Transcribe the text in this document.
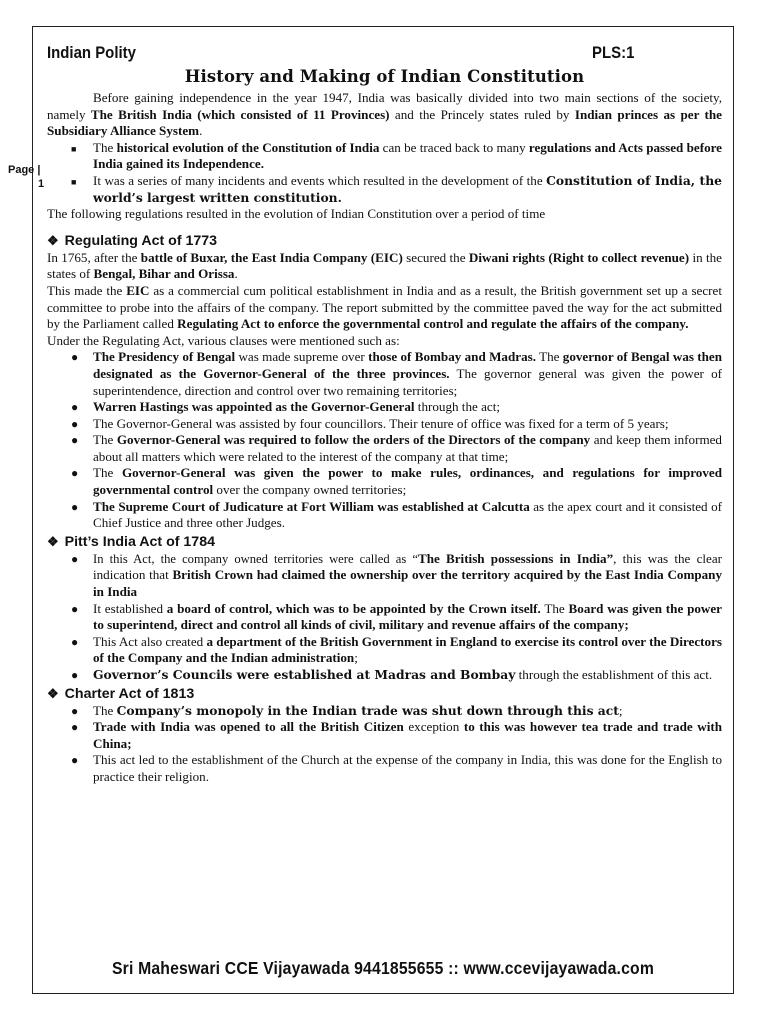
Page |
1
Indian Polity	PLS:1
History and Making of Indian Constitution

Before gaining independence in the year 1947, India was basically divided into two main sections of the society, namely The British India (which consisted of 11 Provinces) and the Princely states ruled by Indian princes as per the Subsidiary Alliance System.

■ The historical evolution of the Constitution of India can be traced back to many regulations and Acts passed before India gained its Independence.
■ It was a series of many incidents and events which resulted in the development of the Constitution of India, the world’s largest written constitution.

The following regulations resulted in the evolution of Indian Constitution over a period of time

❖ Regulating Act of 1773

In 1765, after the battle of Buxar, the East India Company (EIC) secured the Diwani rights (Right to collect revenue) in the states of Bengal, Bihar and Orissa.

This made the EIC as a commercial cum political establishment in India and as a result, the British government set up a secret committee to probe into the affairs of the company. The report submitted by the committee paved the way for the act submitted by the Parliament called Regulating Act to enforce the governmental control and regulate the affairs of the company.

Under the Regulating Act, various clauses were mentioned such as:

● The Presidency of Bengal was made supreme over those of Bombay and Madras. The governor of Bengal was then designated as the Governor-General of the three provinces. The governor general was given the power of superintendence, direction and control over two remaining territories;
● Warren Hastings was appointed as the Governor-General through the act;
● The Governor-General was assisted by four councillors. Their tenure of office was fixed for a term of 5 years;
● The Governor-General was required to follow the orders of the Directors of the company and keep them informed about all matters which were related to the interest of the company at that time;
● The Governor-General was given the power to make rules, ordinances, and regulations for improved governmental control over the company owned territories;
● The Supreme Court of Judicature at Fort William was established at Calcutta as the apex court and it consisted of Chief Justice and three other Judges.
❖ Pitt’s India Act of 1784
● In this Act, the company owned territories were called as “The British possessions in India”, this was the clear indication that British Crown had claimed the ownership over the territory acquired by the East India Company in India
● It established a board of control, which was to be appointed by the Crown itself. The Board was given the power to superintend, direct and control all kinds of civil, military and revenue affairs of the company;
● This Act also created a department of the British Government in England to exercise its control over the Directors of the Company and the Indian administration;
● Governor’s Councils were established at Madras and Bombay through the establishment of this act.
❖ Charter Act of 1813
● The Company’s monopoly in the Indian trade was shut down through this act;
● Trade with India was opened to all the British Citizen exception to this was however tea trade and trade with China;
● This act led to the establishment of the Church at the expense of the company in India, this was done for the English to practice their religion.
Sri Maheswari CCE Vijayawada 9441855655 :: www.ccevijayawada.com
